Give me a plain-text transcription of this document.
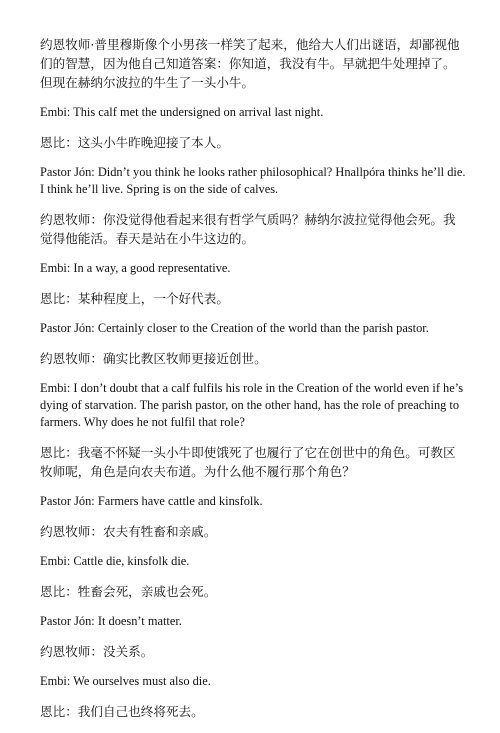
约恩牧师·普里穆斯像个小男孩一样笑了起来，他给大人们出谜语，却鄙视他们的智慧，因为他自己知道答案：你知道，我没有牛。早就把牛处理掉了。但现在赫纳尔波拉的牛生了一头小牛。

Embi: This calf met the undersigned on arrival last night.

恩比：这头小牛昨晚迎接了本人。

Pastor Jón: Didn’t you think he looks rather philosophical? Hnallpóra thinks he’ll die. I think he’ll live. Spring is on the side of calves.

约恩牧师：你没觉得他看起来很有哲学气质吗？赫纳尔波拉觉得他会死。我觉得他能活。春天是站在小牛这边的。

Embi: In a way, a good representative.

恩比：某种程度上，一个好代表。

Pastor Jón: Certainly closer to the Creation of the world than the parish pastor.

约恩牧师：确实比教区牧师更接近创世。

Embi: I don’t doubt that a calf fulfils his role in the Creation of the world even if he’s dying of starvation. The parish pastor, on the other hand, has the role of preaching to farmers. Why does he not fulfil that role?

恩比：我毫不怀疑一头小牛即使饿死了也履行了它在创世中的角色。可教区牧师呢，角色是向农夫布道。为什么他不履行那个角色？

Pastor Jón: Farmers have cattle and kinsfolk.

约恩牧师：农夫有牲畜和亲戚。

Embi: Cattle die, kinsfolk die.

恩比：牲畜会死，亲戚也会死。

Pastor Jón: It doesn’t matter.

约恩牧师：没关系。

Embi: We ourselves must also die.

恩比：我们自己也终将死去。
